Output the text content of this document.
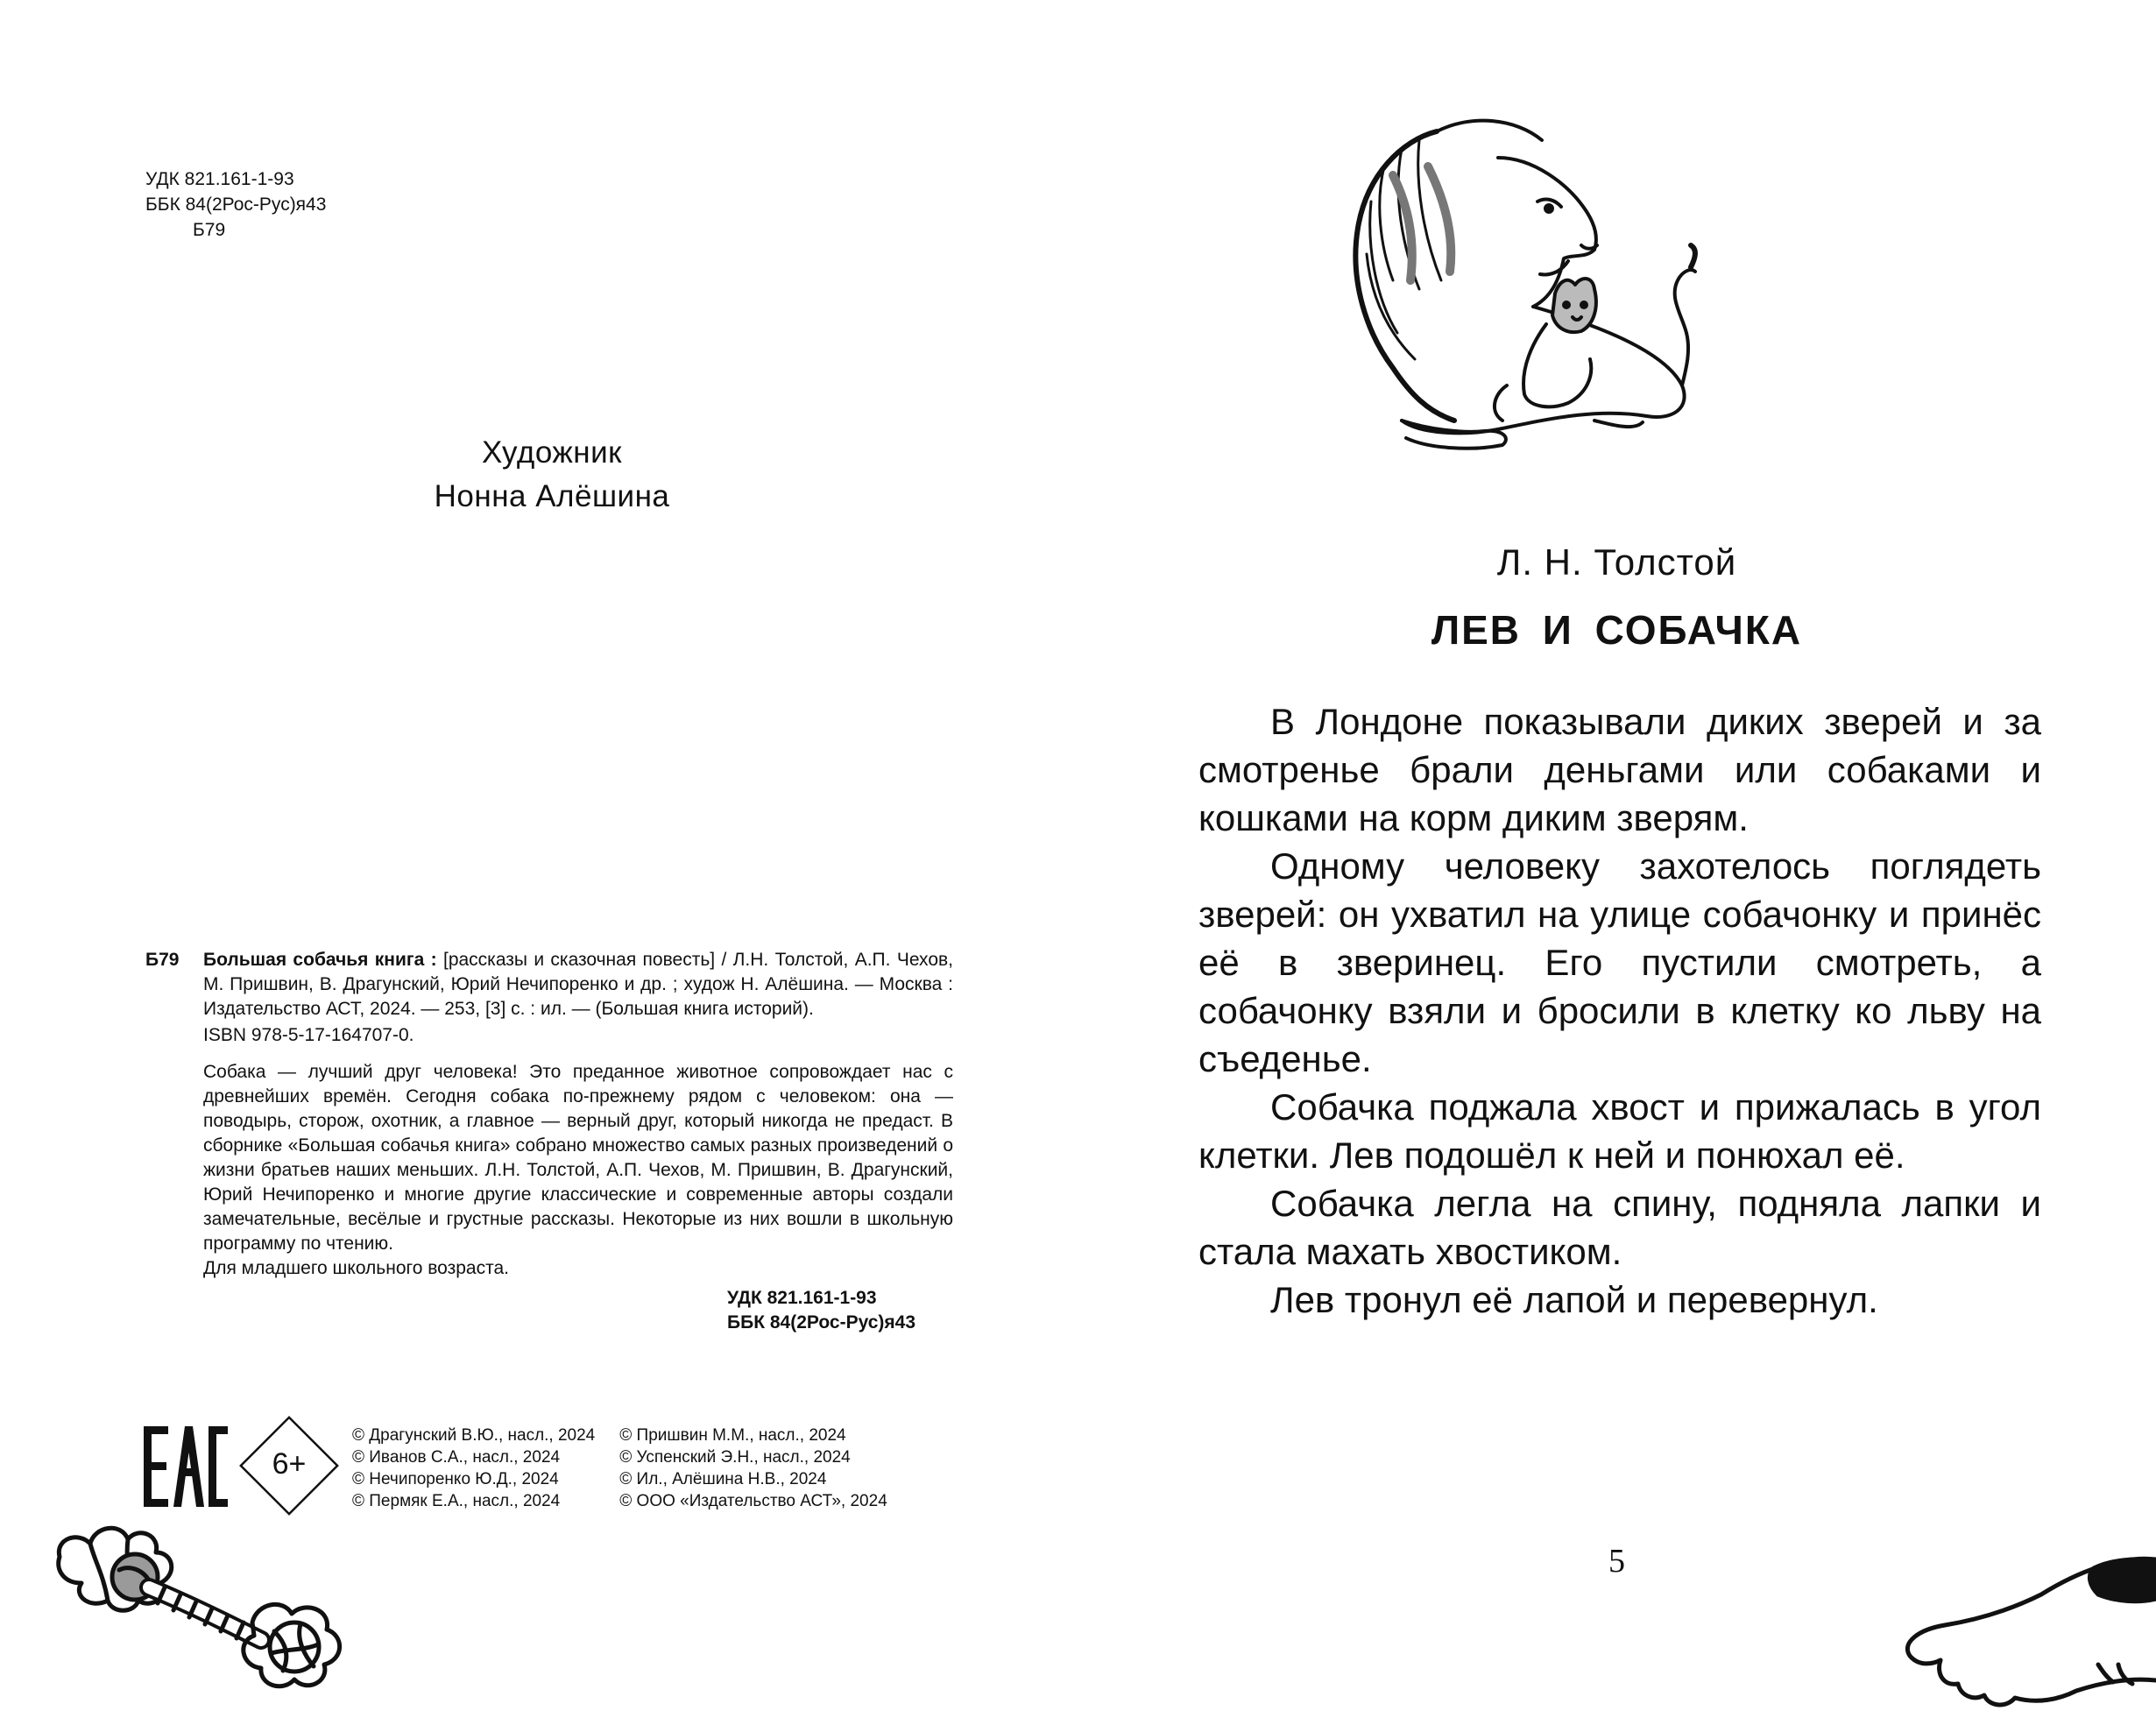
УДК 821.161-1-93
ББК 84(2Рос-Рус)я43
Б79
Художник
Нонна Алёшина
Б79 Большая собачья книга : [рассказы и сказочная повесть] / Л.Н. Толстой, А.П. Чехов, М. Пришвин, В. Драгунский, Юрий Нечипоренко и др. ; худож Н. Алёшина. — Москва : Издательство АСТ, 2024. — 253, [3] с. : ил. — (Большая книга историй).
ISBN 978-5-17-164707-0.
Собака — лучший друг человека! Это преданное животное сопровождает нас с древнейших времён. Сегодня собака по-прежнему рядом с человеком: она — поводырь, сторож, охотник, а главное — верный друг, который никогда не предаст. В сборнике «Большая собачья книга» собрано множество самых разных произведений о жизни братьев наших меньших. Л.Н. Толстой, А.П. Чехов, М. Пришвин, В. Драгунский, Юрий Нечипоренко и многие другие классические и современные авторы создали замечательные, весёлые и грустные рассказы. Некоторые из них вошли в школьную программу по чтению.
Для младшего школьного возраста.
УДК 821.161-1-93
ББК 84(2Рос-Рус)я43
6+
© Драгунский В.Ю., насл., 2024
© Иванов С.А., насл., 2024
© Нечипоренко Ю.Д., 2024
© Пермяк Е.А., насл., 2024
© Пришвин М.М., насл., 2024
© Успенский Э.Н., насл., 2024
© Ил., Алёшина Н.В., 2024
© ООО «Издательство АСТ», 2024
Л. Н. Толстой
ЛЕВ И СОБАЧКА

В Лондоне показывали диких зверей и за смотренье брали деньгами или собаками и кошками на корм диким зверям.

Одному человеку захотелось поглядеть зверей: он ухватил на улице собачонку и принёс её в зверинец. Его пустили смотреть, а собачонку взяли и бросили в клетку ко льву на съеденье.

Собачка поджала хвост и прижалась в угол клетки. Лев подошёл к ней и понюхал её.

Собачка легла на спину, подняла лапки и стала махать хвостиком.

Лев тронул её лапой и перевернул.

5
